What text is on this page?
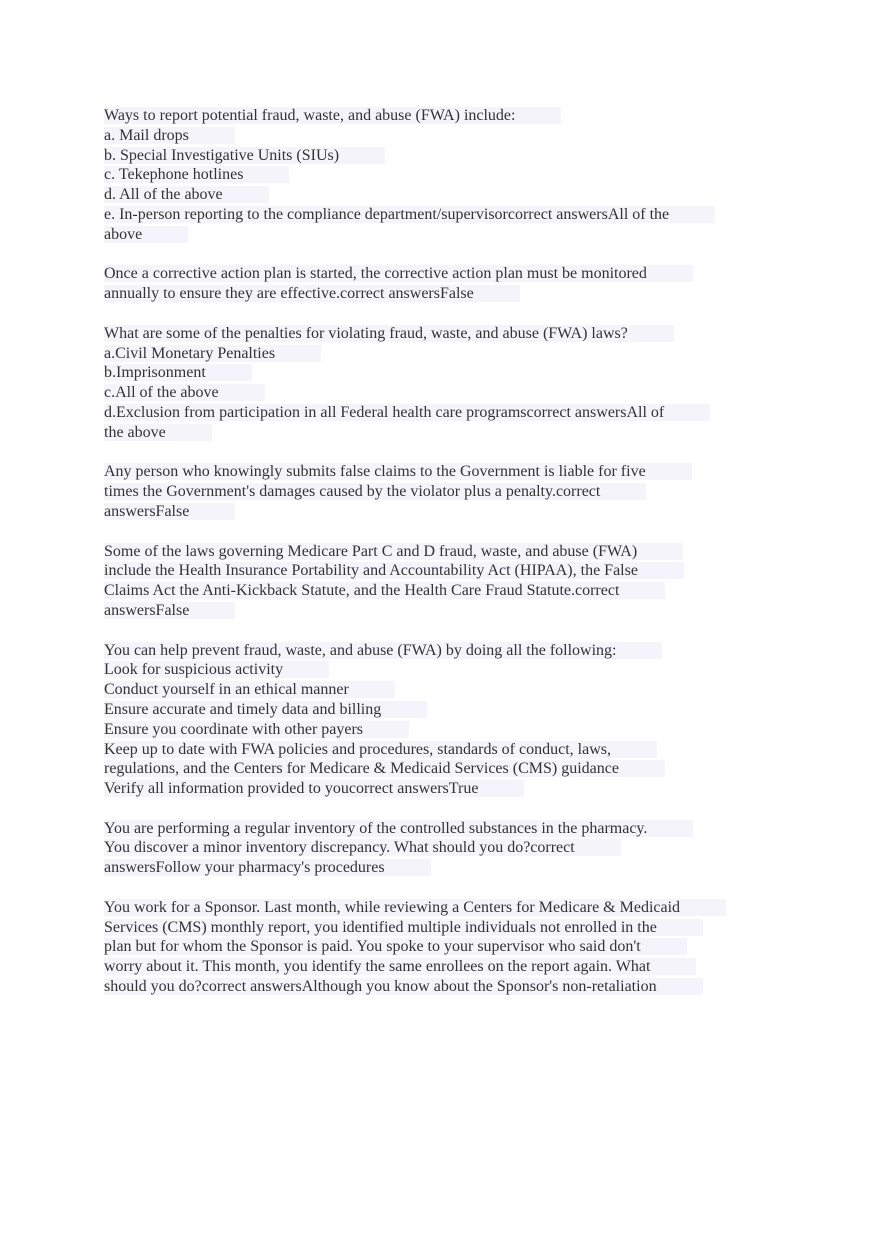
Ways to report potential fraud, waste, and abuse (FWA) include:
a. Mail drops
b. Special Investigative Units (SIUs)
c. Tekephone hotlines
d. All of the above
e. In-person reporting to the compliance department/supervisorcorrect answersAll of the
above
Once a corrective action plan is started, the corrective action plan must be monitored
annually to ensure they are effective.correct answersFalse
What are some of the penalties for violating fraud, waste, and abuse (FWA) laws?
a.Civil Monetary Penalties
b.Imprisonment
c.All of the above
d.Exclusion from participation in all Federal health care programscorrect answersAll of
the above
Any person who knowingly submits false claims to the Government is liable for five
times the Government's damages caused by the violator plus a penalty.correct
answersFalse
Some of the laws governing Medicare Part C and D fraud, waste, and abuse (FWA)
include the Health Insurance Portability and Accountability Act (HIPAA), the False
Claims Act the Anti-Kickback Statute, and the Health Care Fraud Statute.correct
answersFalse
You can help prevent fraud, waste, and abuse (FWA) by doing all the following:
Look for suspicious activity
Conduct yourself in an ethical manner
Ensure accurate and timely data and billing
Ensure you coordinate with other payers
Keep up to date with FWA policies and procedures, standards of conduct, laws,
regulations, and the Centers for Medicare & Medicaid Services (CMS) guidance
Verify all information provided to youcorrect answersTrue
You are performing a regular inventory of the controlled substances in the pharmacy.
You discover a minor inventory discrepancy. What should you do?correct
answersFollow your pharmacy's procedures
You work for a Sponsor. Last month, while reviewing a Centers for Medicare & Medicaid
Services (CMS) monthly report, you identified multiple individuals not enrolled in the
plan but for whom the Sponsor is paid. You spoke to your supervisor who said don't
worry about it. This month, you identify the same enrollees on the report again. What
should you do?correct answersAlthough you know about the Sponsor's non-retaliation
